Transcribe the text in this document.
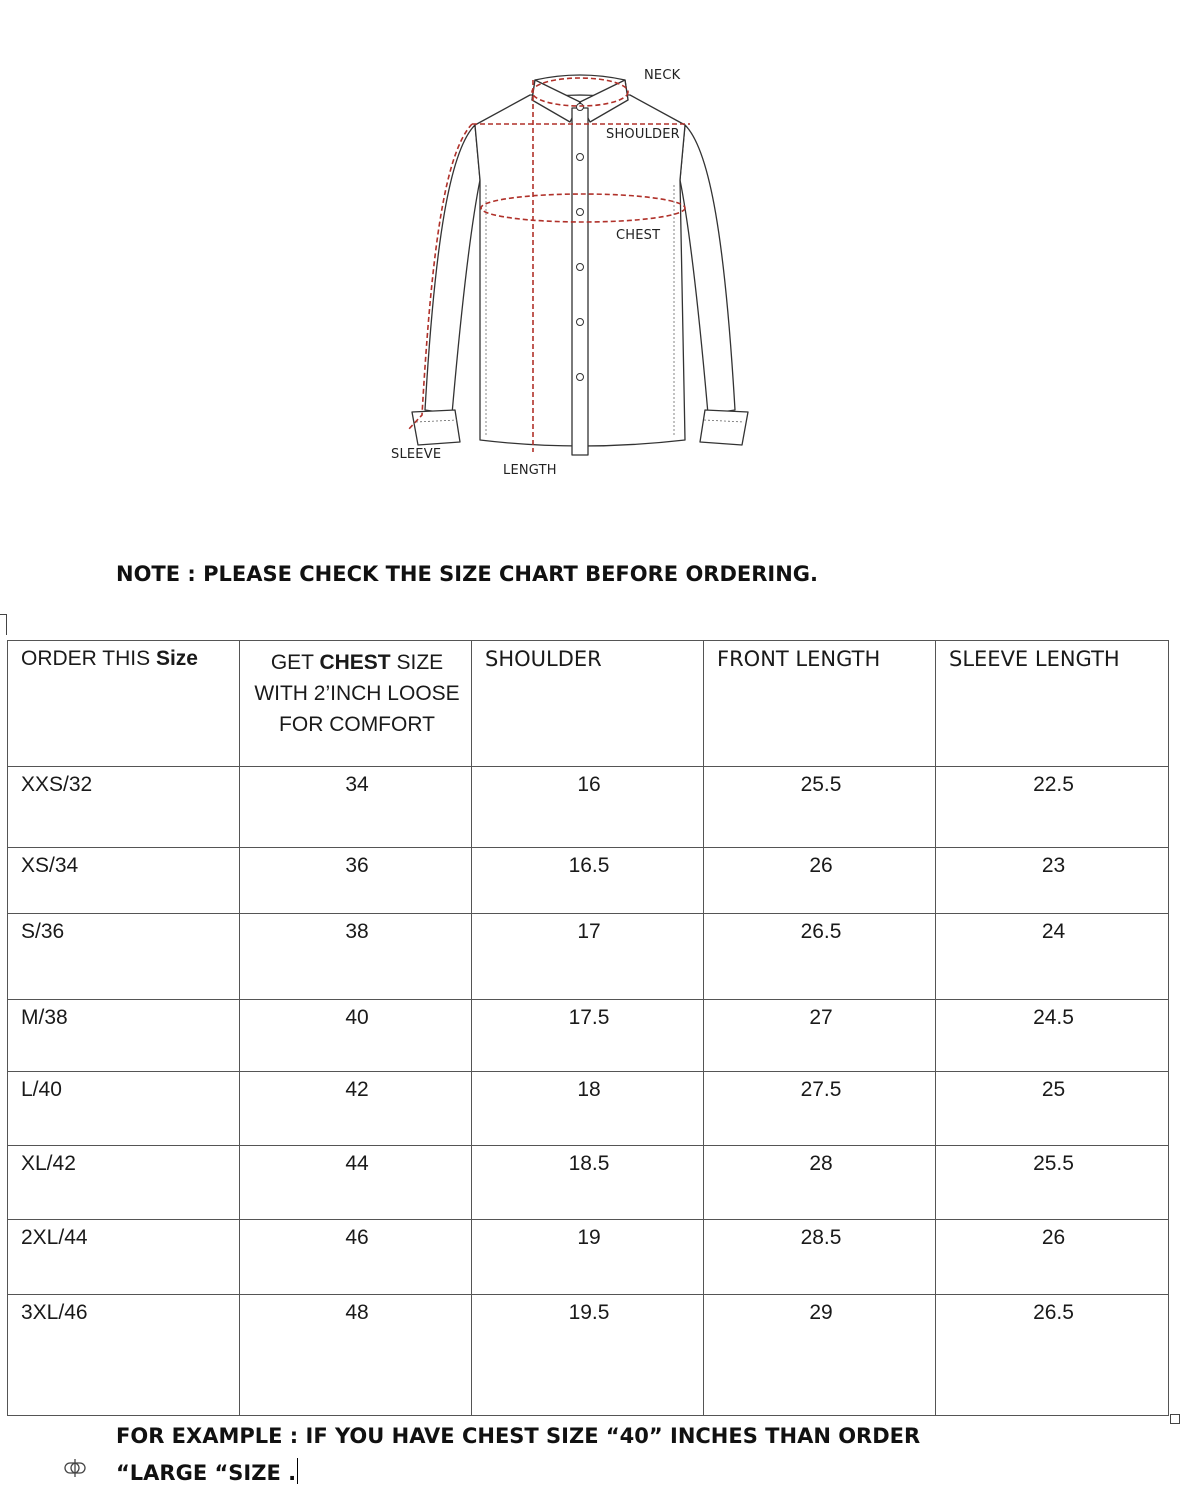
NECK
SHOULDER
CHEST
SLEEVE
LENGTH
NOTE : PLEASE CHECK THE SIZE CHART BEFORE ORDERING.
ORDER THIS Size	GET CHEST SIZE WITH 2’INCH LOOSE FOR COMFORT	SHOULDER	FRONT LENGTH	SLEEVE LENGTH
XXS/32	34	16	25.5	22.5
XS/34	36	16.5	26	23
S/36	38	17	26.5	24
M/38	40	17.5	27	24.5
L/40	42	18	27.5	25
XL/42	44	18.5	28	25.5
2XL/44	46	19	28.5	26
3XL/46	48	19.5	29	26.5
FOR EXAMPLE : IF YOU HAVE CHEST SIZE “40” INCHES THAN ORDER
“LARGE “SIZE .
